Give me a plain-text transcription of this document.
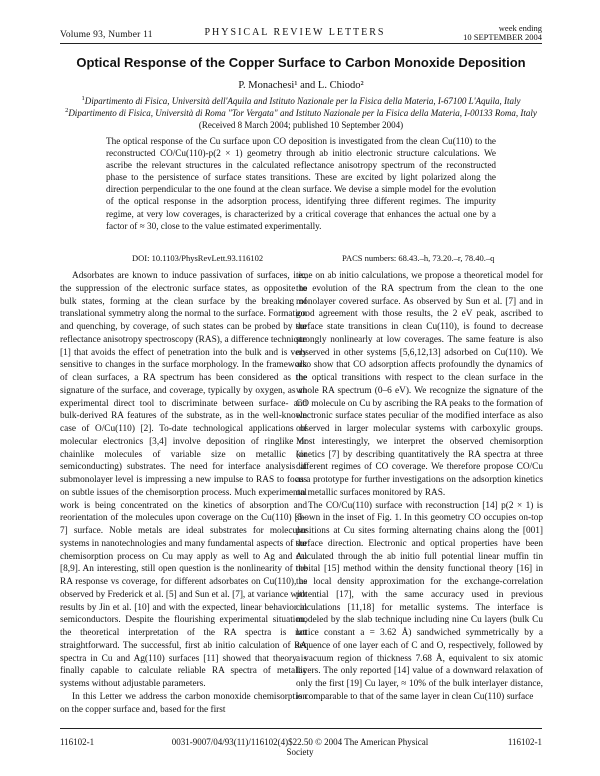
Volume 93, Number 11	PHYSICAL REVIEW LETTERS	week ending
10 SEPTEMBER 2004
Optical Response of the Copper Surface to Carbon Monoxide Deposition
P. Monachesi¹ and L. Chiodo²
$^1$Dipartimento di Fisica, Università dell'Aquila and Istituto Nazionale per la Fisica della Materia, I-67100 L'Aquila, Italy
$^2$Dipartimento di Fisica, Università di Roma "Tor Vergata" and Istituto Nazionale per la Fisica della Materia, I-00133 Roma, Italy
(Received 8 March 2004; published 10 September 2004)
The optical response of the Cu surface upon CO deposition is investigated from the clean Cu(110) to the reconstructed CO/Cu(110)-p(2 × 1) geometry through ab initio electronic structure calculations. We ascribe the relevant structures in the calculated reflectance anisotropy spectrum of the reconstructed phase to the persistence of surface states transitions. These are excited by light polarized along the direction perpendicular to the one found at the clean surface. We devise a simple model for the evolution of the optical response in the adsorption process, identifying three different regimes. The impurity regime, at very low coverages, is characterized by a critical coverage that enhances the actual one by a factor of ≈ 30, close to the value estimated experimentally.
DOI: 10.1103/PhysRevLett.93.116102	PACS numbers: 68.43.–h, 73.20.–r, 78.40.–q

Adsorbates are known to induce passivation of surfaces, i.e., the suppression of the electronic surface states, as opposite to bulk states, forming at the clean surface by the breaking of translational symmetry along the normal to the surface. Formation and quenching, by coverage, of such states can be probed by the reflectance anisotropy spectroscopy (RAS), a difference technique [1] that avoids the effect of penetration into the bulk and is very sensitive to changes in the surface morphology. In the framework of clean surfaces, a RA spectrum has been considered as the signature of the surface, and coverage, typically by oxygen, as an experimental direct tool to discriminate between surface- and bulk-derived RA features of the substrate, as in the well-known case of O/Cu(110) [2]. To-date technological applications of molecular electronics [3,4] involve deposition of ringlike or chainlike molecules of variable size on metallic (or semiconducting) substrates. The need for interface analysis at submonolayer level is impressing a new impulse to RAS to focus on subtle issues of the chemisorption process. Much experimental work is being concentrated on the kinetics of absorption and reorientation of the molecules upon coverage on the Cu(110) [5–7] surface. Noble metals are ideal substrates for molecular systems in nanotechnologies and many fundamental aspects of the chemisorption process on Cu may apply as well to Ag and Au [8,9]. An interesting, still open question is the nonlinearity of the RA response vs coverage, for different adsorbates on Cu(110), as observed by Frederick et al. [5] and Sun et al. [7], at variance with results by Jin et al. [10] and with the expected, linear behavior in semiconductors. Despite the flourishing experimental situation, the theoretical interpretation of the RA spectra is not straightforward. The successful, first ab initio calculation of RA spectra in Cu and Ag(110) surfaces [11] showed that theory is finally capable to calculate reliable RA spectra of metallic systems without adjustable parameters.

In this Letter we address the carbon monoxide chemisorption on the copper surface and, based for the first

time on ab initio calculations, we propose a theoretical model for the evolution of the RA spectrum from the clean to the one monolayer covered surface. As observed by Sun et al. [7] and in good agreement with those results, the 2 eV peak, ascribed to surface state transitions in clean Cu(110), is found to decrease strongly nonlinearly at low coverages. The same feature is also observed in other systems [5,6,12,13] adsorbed on Cu(110). We also show that CO adsorption affects profoundly the dynamics of the optical transitions with respect to the clean surface in the whole RA spectrum (0–6 eV). We recognize the signature of the CO molecule on Cu by ascribing the RA peaks to the formation of electronic surface states peculiar of the modified interface as also observed in larger molecular systems with carboxylic groups. Most interestingly, we interpret the observed chemisorption kinetics [7] by describing quantitatively the RA spectra at three different regimes of CO coverage. We therefore propose CO/Cu as a prototype for further investigations on the adsorption kinetics on metallic surfaces monitored by RAS.

The CO/Cu(110) surface with reconstruction [14] p(2 × 1) is shown in the inset of Fig. 1. In this geometry CO occupies on-top positions at Cu sites forming alternating chains along the [001] surface direction. Electronic and optical properties have been calculated through the ab initio full potential linear muffin tin orbital [15] method within the density functional theory [16] in the local density approximation for the exchange-correlation potential [17], with the same accuracy used in previous calculations [11,18] for metallic systems. The interface is modeled by the slab technique including nine Cu layers (bulk Cu lattice constant a = 3.62 Å) sandwiched symmetrically by a sequence of one layer each of C and O, respectively, followed by a vacuum region of thickness 7.68 Å, equivalent to six atomic layers. The only reported [14] value of a downward relaxation of only the first [19] Cu layer, ≈ 10% of the bulk interlayer distance, is comparable to that of the same layer in clean Cu(110) surface

116102-1	0031-9007/04/93(11)/116102(4)$22.50 © 2004 The American Physical Society
116102-1
